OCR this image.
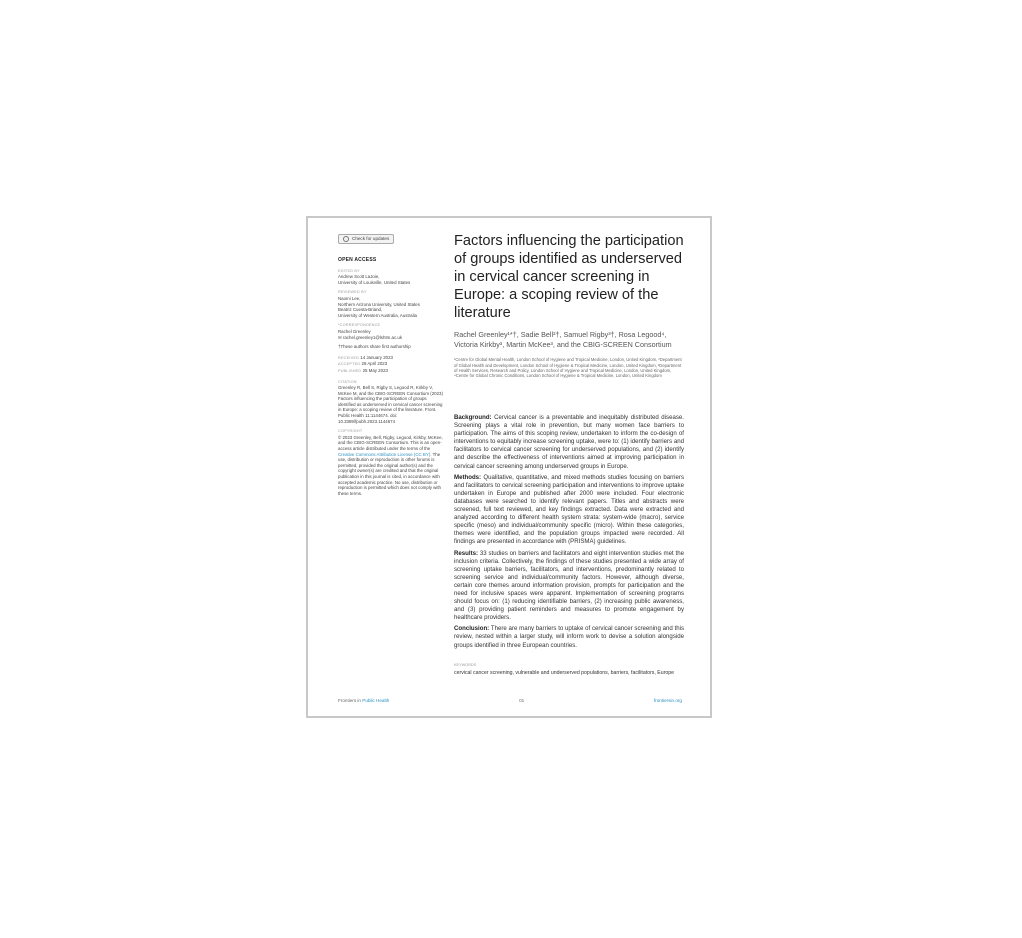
Check for updates
OPEN ACCESS
EDITED BY
Andrew Scott LaJoie,
University of Louisville, United States
REVIEWED BY
Naomi Lee,
Northern Arizona University, United States
Beatriz Cuesta-Briand,
University of Western Australia, Australia
*CORRESPONDENCE
Rachel Greenley
✉ rachel.greenley1@lshtm.ac.uk
†These authors share first authorship
RECEIVED 14 January 2023
ACCEPTED 28 April 2023
PUBLISHED 25 May 2023
CITATION
Greenley R, Bell S, Rigby S, Legood R, Kirkby V, McKee M, and the CBIG-SCREEN Consortium (2023) Factors influencing the participation of groups identified as underserved in cervical cancer screening in Europe: a scoping review of the literature. Front. Public Health 11:1144674. doi: 10.3389/fpubh.2023.1144674
COPYRIGHT
© 2023 Greenley, Bell, Rigby, Legood, Kirkby, McKee, and the CBIG-SCREEN Consortium. This is an open-access article distributed under the terms of the Creative Commons Attribution License (CC BY). The use, distribution or reproduction in other forums is permitted, provided the original author(s) and the copyright owner(s) are credited and that the original publication in this journal is cited, in accordance with accepted academic practice. No use, distribution or reproduction is permitted which does not comply with these terms.
Factors influencing the participation of groups identified as underserved in cervical cancer screening in Europe: a scoping review of the literature
Rachel Greenley¹*†, Sadie Bell²†, Samuel Rigby³†, Rosa Legood⁴, Victoria Kirkby³, Martin McKee³, and the CBIG-SCREEN Consortium
¹Centre for Global Mental Health, London School of Hygiene and Tropical Medicine, London, United Kingdom, ²Department of Global Health and Development, London School of Hygiene & Tropical Medicine, London, United Kingdom, ³Department of Health Services, Research and Policy, London School of Hygiene and Tropical Medicine, London, United Kingdom, ⁴Centre for Global Chronic Conditions, London School of Hygiene & Tropical Medicine, London, United Kingdom

Background: Cervical cancer is a preventable and inequitably distributed disease. Screening plays a vital role in prevention, but many women face barriers to participation. The aims of this scoping review, undertaken to inform the co-design of interventions to equitably increase screening uptake, were to: (1) identify barriers and facilitators to cervical cancer screening for underserved populations, and (2) identify and describe the effectiveness of interventions aimed at improving participation in cervical cancer screening among underserved groups in Europe.

Methods: Qualitative, quantitative, and mixed methods studies focusing on barriers and facilitators to cervical screening participation and interventions to improve uptake undertaken in Europe and published after 2000 were included. Four electronic databases were searched to identify relevant papers. Titles and abstracts were screened, full text reviewed, and key findings extracted. Data were extracted and analyzed according to different health system strata: system-wide (macro), service specific (meso) and individual/community specific (micro). Within these categories, themes were identified, and the population groups impacted were recorded. All findings are presented in accordance with (PRISMA) guidelines.

Results: 33 studies on barriers and facilitators and eight intervention studies met the inclusion criteria. Collectively, the findings of these studies presented a wide array of screening uptake barriers, facilitators, and interventions, predominantly related to screening service and individual/community factors. However, although diverse, certain core themes around information provision, prompts for participation and the need for inclusive spaces were apparent. Implementation of screening programs should focus on: (1) reducing identifiable barriers, (2) increasing public awareness, and (3) providing patient reminders and measures to promote engagement by healthcare providers.

Conclusion: There are many barriers to uptake of cervical cancer screening and this review, nested within a larger study, will inform work to devise a solution alongside groups identified in three European countries.

KEYWORDS
cervical cancer screening, vulnerable and underserved populations, barriers, facilitators, Europe
Frontiers in Public Health	01	frontiersin.org
